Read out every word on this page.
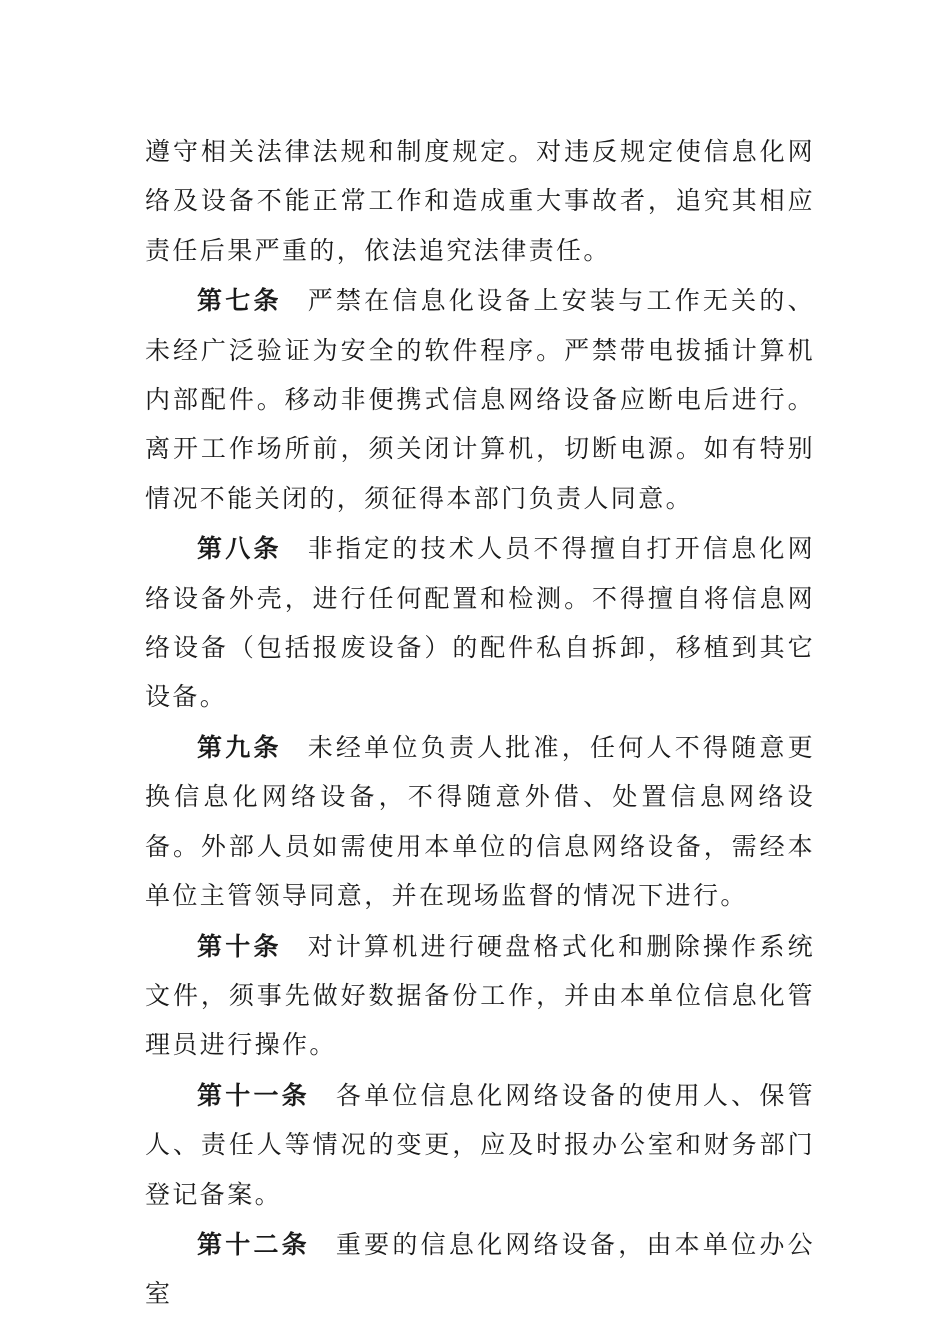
遵守相关法律法规和制度规定。对违反规定使信息化网络及设备不能正常工作和造成重大事故者，追究其相应责任后果严重的，依法追究法律责任。

第七条 严禁在信息化设备上安装与工作无关的、未经广泛验证为安全的软件程序。严禁带电拔插计算机内部配件。移动非便携式信息网络设备应断电后进行。离开工作场所前，须关闭计算机，切断电源。如有特别情况不能关闭的，须征得本部门负责人同意。

第八条 非指定的技术人员不得擅自打开信息化网络设备外壳，进行任何配置和检测。不得擅自将信息网络设备（包括报废设备）的配件私自拆卸，移植到其它设备。

第九条 未经单位负责人批准，任何人不得随意更换信息化网络设备，不得随意外借、处置信息网络设备。外部人员如需使用本单位的信息网络设备，需经本单位主管领导同意，并在现场监督的情况下进行。

第十条 对计算机进行硬盘格式化和删除操作系统文件，须事先做好数据备份工作，并由本单位信息化管理员进行操作。

第十一条 各单位信息化网络设备的使用人、保管人、责任人等情况的变更，应及时报办公室和财务部门登记备案。

第十二条 重要的信息化网络设备，由本单位办公室
